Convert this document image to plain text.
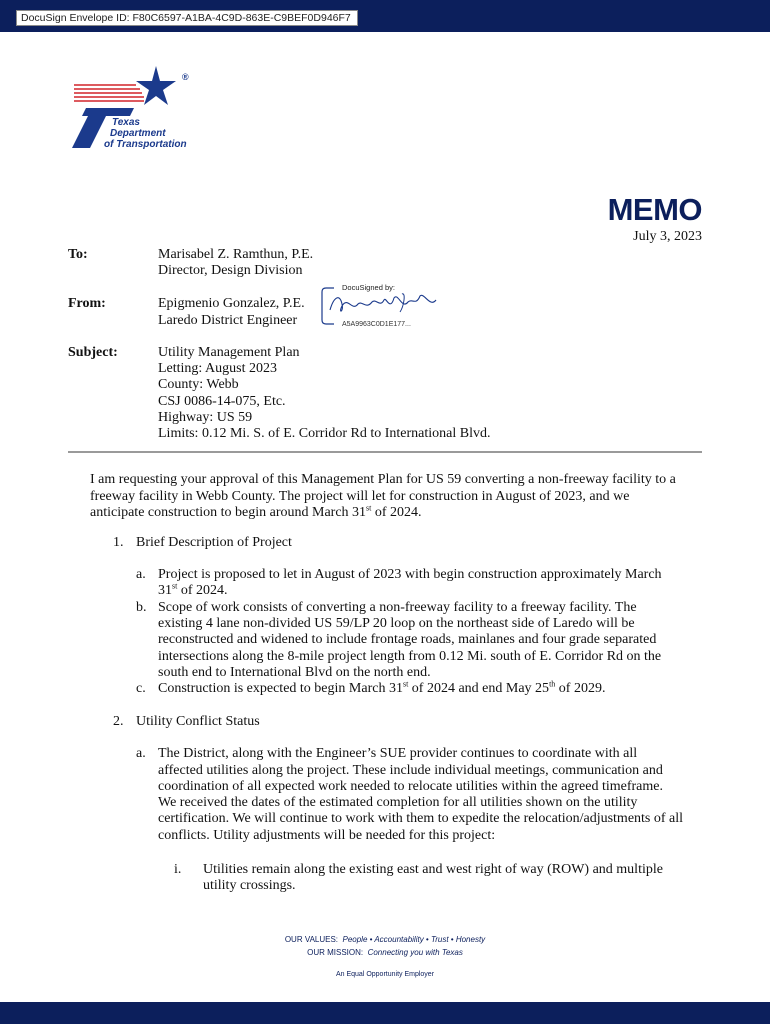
DocuSign Envelope ID: F80C6597-A1BA-4C9D-863E-C9BEF0D946F7
®
Texas
Department
of Transportation
MEMO
July 3, 2023
To:	Marisabel Z. Ramthun, P.E.
Director, Design Division
From:	Epigmenio Gonzalez, P.E.
Laredo District Engineer
DocuSigned by:
A5A9963C0D1E177...
Subject:	Utility Management Plan
Letting: August 2023
County: Webb
CSJ 0086-14-075, Etc.
Highway: US 59
Limits: 0.12 Mi. S. of E. Corridor Rd to International Blvd.
I am requesting your approval of this Management Plan for US 59 converting a non-freeway facility to a
freeway facility in Webb County. The project will let for construction in August of 2023, and we
anticipate construction to begin around March 31st of 2024.
1. Brief Description of Project
a. Project is proposed to let in August of 2023 with begin construction approximately March
31st of 2024.
b. Scope of work consists of converting a non-freeway facility to a freeway facility. The
existing 4 lane non-divided US 59/LP 20 loop on the northeast side of Laredo will be
reconstructed and widened to include frontage roads, mainlanes and four grade separated
intersections along the 8-mile project length from 0.12 Mi. south of E. Corridor Rd on the
south end to International Blvd on the north end.
c. Construction is expected to begin March 31st of 2024 and end May 25th of 2029.
2. Utility Conflict Status
a. The District, along with the Engineer’s SUE provider continues to coordinate with all
affected utilities along the project. These include individual meetings, communication and
coordination of all expected work needed to relocate utilities within the agreed timeframe.
We received the dates of the estimated completion for all utilities shown on the utility
certification. We will continue to work with them to expedite the relocation/adjustments of all
conflicts. Utility adjustments will be needed for this project:
i. Utilities remain along the existing east and west right of way (ROW) and multiple
utility crossings.
OUR VALUES: People • Accountability • Trust • Honesty
OUR MISSION: Connecting you with Texas
An Equal Opportunity Employer
